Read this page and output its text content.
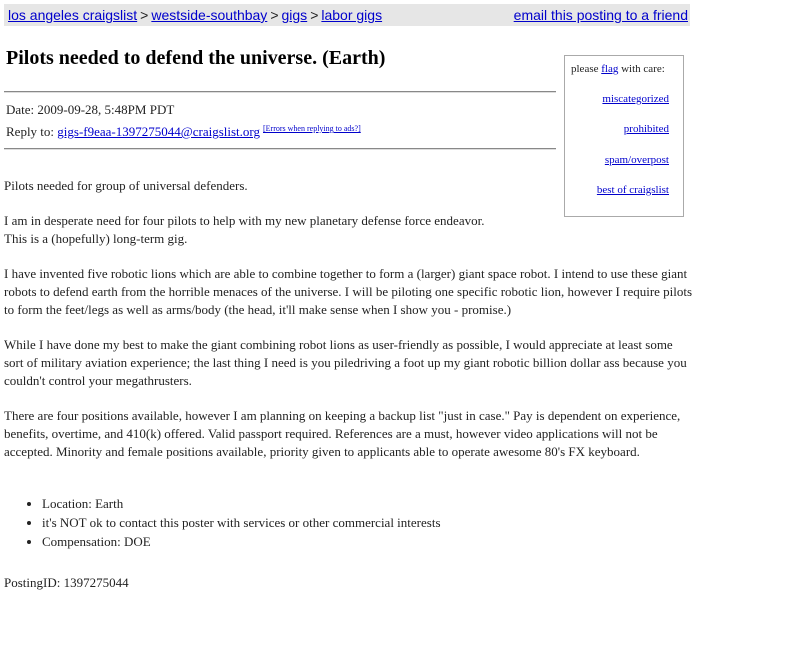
los angeles craigslist > westside-southbay > gigs > labor gigs	email this posting to a friend
Pilots needed to defend the universe. (Earth)
Date: 2009-09-28, 5:48PM PDT
Reply to: gigs-f9eaa-1397275044@craigslist.org [Errors when replying to ads?]
please flag with care:
miscategorized
prohibited
spam/overpost
best of craigslist

Pilots needed for group of universal defenders.

I am in desperate need for four pilots to help with my new planetary defense force endeavor.
This is a (hopefully) long-term gig.

I have invented five robotic lions which are able to combine together to form a (larger) giant space robot. I intend to use these giant robots to defend earth from the horrible menaces of the universe. I will be piloting one specific robotic lion, however I require pilots to form the feet/legs as well as arms/body (the head, it'll make sense when I show you - promise.)

While I have done my best to make the giant combining robot lions as user-friendly as possible, I would appreciate at least some sort of military aviation experience; the last thing I need is you piledriving a foot up my giant robotic billion dollar ass because you couldn't control your megathrusters.

There are four positions available, however I am planning on keeping a backup list "just in case." Pay is dependent on experience, benefits, overtime, and 410(k) offered. Valid passport required. References are a must, however video applications will not be accepted. Minority and female positions available, priority given to applicants able to operate awesome 80's FX keyboard.

• Location: Earth
• it's NOT ok to contact this poster with services or other commercial interests
• Compensation: DOE
PostingID: 1397275044
